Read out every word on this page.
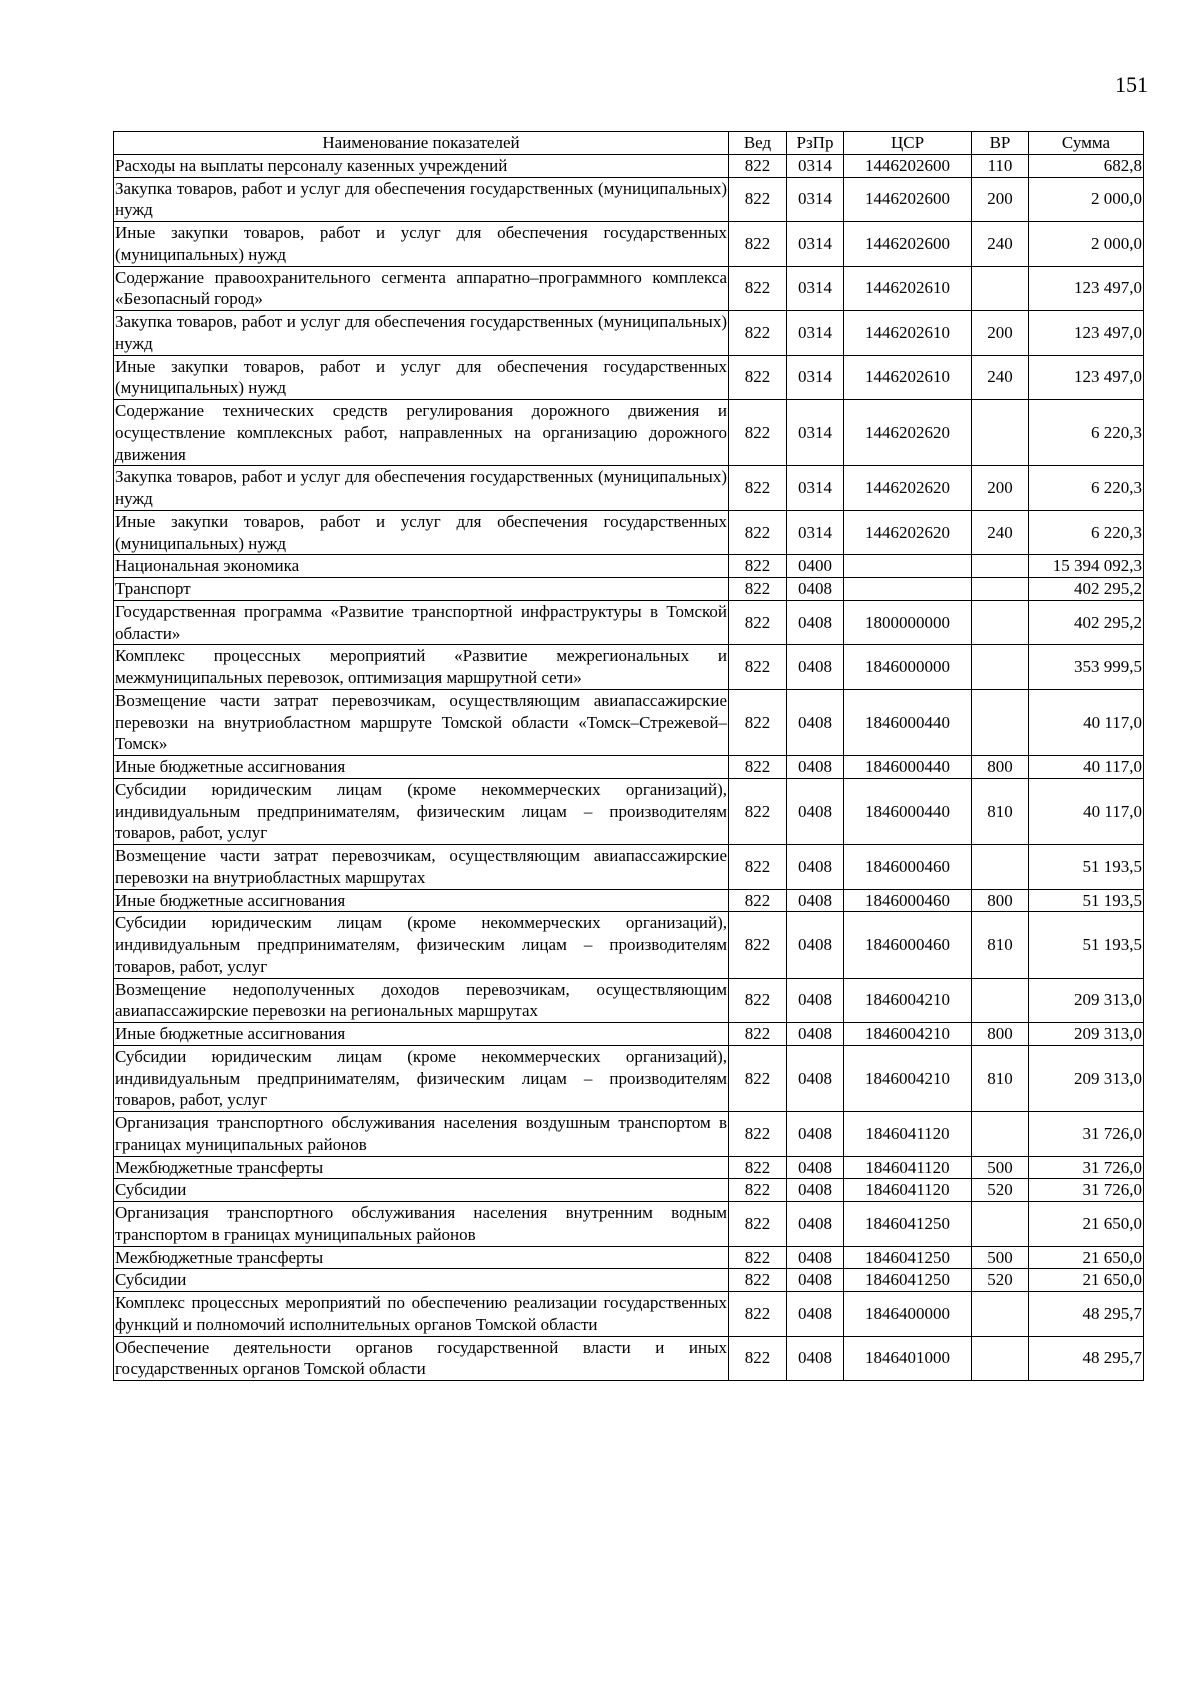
151
Наименование показателей	Вед	РзПр	ЦСР	ВР	Сумма
Расходы на выплаты персоналу казенных учреждений	822	0314	1446202600	110	682,8
Закупка товаров, работ и услуг для обеспечения государственных (муниципальных) нужд	822	0314	1446202600	200	2 000,0
Иные закупки товаров, работ и услуг для обеспечения государственных (муниципальных) нужд	822	0314	1446202600	240	2 000,0
Содержание правоохранительного сегмента аппаратно–программного комплекса «Безопасный город»	822	0314	1446202610		123 497,0
Закупка товаров, работ и услуг для обеспечения государственных (муниципальных) нужд	822	0314	1446202610	200	123 497,0
Иные закупки товаров, работ и услуг для обеспечения государственных (муниципальных) нужд	822	0314	1446202610	240	123 497,0
Содержание технических средств регулирования дорожного движения и осуществление комплексных работ, направленных на организацию дорожного движения	822	0314	1446202620		6 220,3
Закупка товаров, работ и услуг для обеспечения государственных (муниципальных) нужд	822	0314	1446202620	200	6 220,3
Иные закупки товаров, работ и услуг для обеспечения государственных (муниципальных) нужд	822	0314	1446202620	240	6 220,3
Национальная экономика	822	0400			15 394 092,3
Транспорт	822	0408			402 295,2
Государственная программа «Развитие транспортной инфраструктуры в Томской области»	822	0408	1800000000		402 295,2
Комплекс процессных мероприятий «Развитие межрегиональных и межмуниципальных перевозок, оптимизация маршрутной сети»	822	0408	1846000000		353 999,5
Возмещение части затрат перевозчикам, осуществляющим авиапассажирские перевозки на внутриобластном маршруте Томской области «Томск–Стрежевой–Томск»	822	0408	1846000440		40 117,0
Иные бюджетные ассигнования	822	0408	1846000440	800	40 117,0
Субсидии юридическим лицам (кроме некоммерческих организаций), индивидуальным предпринимателям, физическим лицам – производителям товаров, работ, услуг	822	0408	1846000440	810	40 117,0
Возмещение части затрат перевозчикам, осуществляющим авиапассажирские перевозки на внутриобластных маршрутах	822	0408	1846000460		51 193,5
Иные бюджетные ассигнования	822	0408	1846000460	800	51 193,5
Субсидии юридическим лицам (кроме некоммерческих организаций), индивидуальным предпринимателям, физическим лицам – производителям товаров, работ, услуг	822	0408	1846000460	810	51 193,5
Возмещение недополученных доходов перевозчикам, осуществляющим авиапассажирские перевозки на региональных маршрутах	822	0408	1846004210		209 313,0
Иные бюджетные ассигнования	822	0408	1846004210	800	209 313,0
Субсидии юридическим лицам (кроме некоммерческих организаций), индивидуальным предпринимателям, физическим лицам – производителям товаров, работ, услуг	822	0408	1846004210	810	209 313,0
Организация транспортного обслуживания населения воздушным транспортом в границах муниципальных районов	822	0408	1846041120		31 726,0
Межбюджетные трансферты	822	0408	1846041120	500	31 726,0
Субсидии	822	0408	1846041120	520	31 726,0
Организация транспортного обслуживания населения внутренним водным транспортом в границах муниципальных районов	822	0408	1846041250		21 650,0
Межбюджетные трансферты	822	0408	1846041250	500	21 650,0
Субсидии	822	0408	1846041250	520	21 650,0
Комплекс процессных мероприятий по обеспечению реализации государственных функций и полномочий исполнительных органов Томской области	822	0408	1846400000		48 295,7
Обеспечение деятельности органов государственной власти и иных государственных органов Томской области	822	0408	1846401000		48 295,7
